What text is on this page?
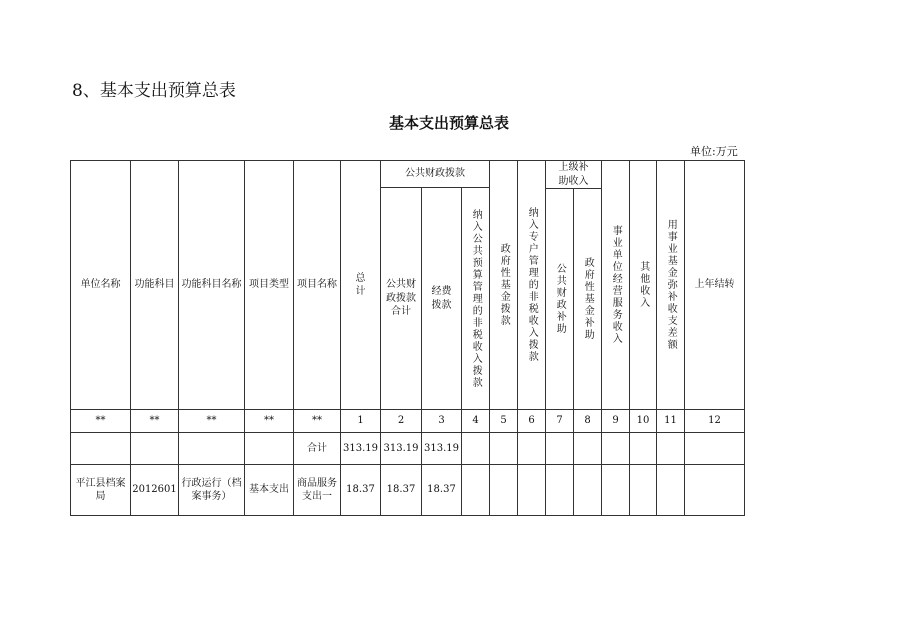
8、基本支出预算总表
基本支出预算总表
单位:万元
单位名称	功能科目	功能科目名称	项目类型	项目名称	总计	公共财政拨款			政府性基金拨款	纳入专户管理的非税收入拨款	上级补助收入		事业单位经营服务收入	其他收入	用事业基金弥补收支差额	上年结转
						公共财政拨款合计	经费拨款	纳入公共预算管理的非税收入拨款								
											公共财政补助	政府性基金补助				
**	**	**	**	**	1	2	3	4	5	6	7	8	9	10	11	12
				合计	313.19	313.19	313.19									
平江县档案局	2012601	行政运行（档案事务）	基本支出	商品服务支出一	18.37	18.37	18.37									
